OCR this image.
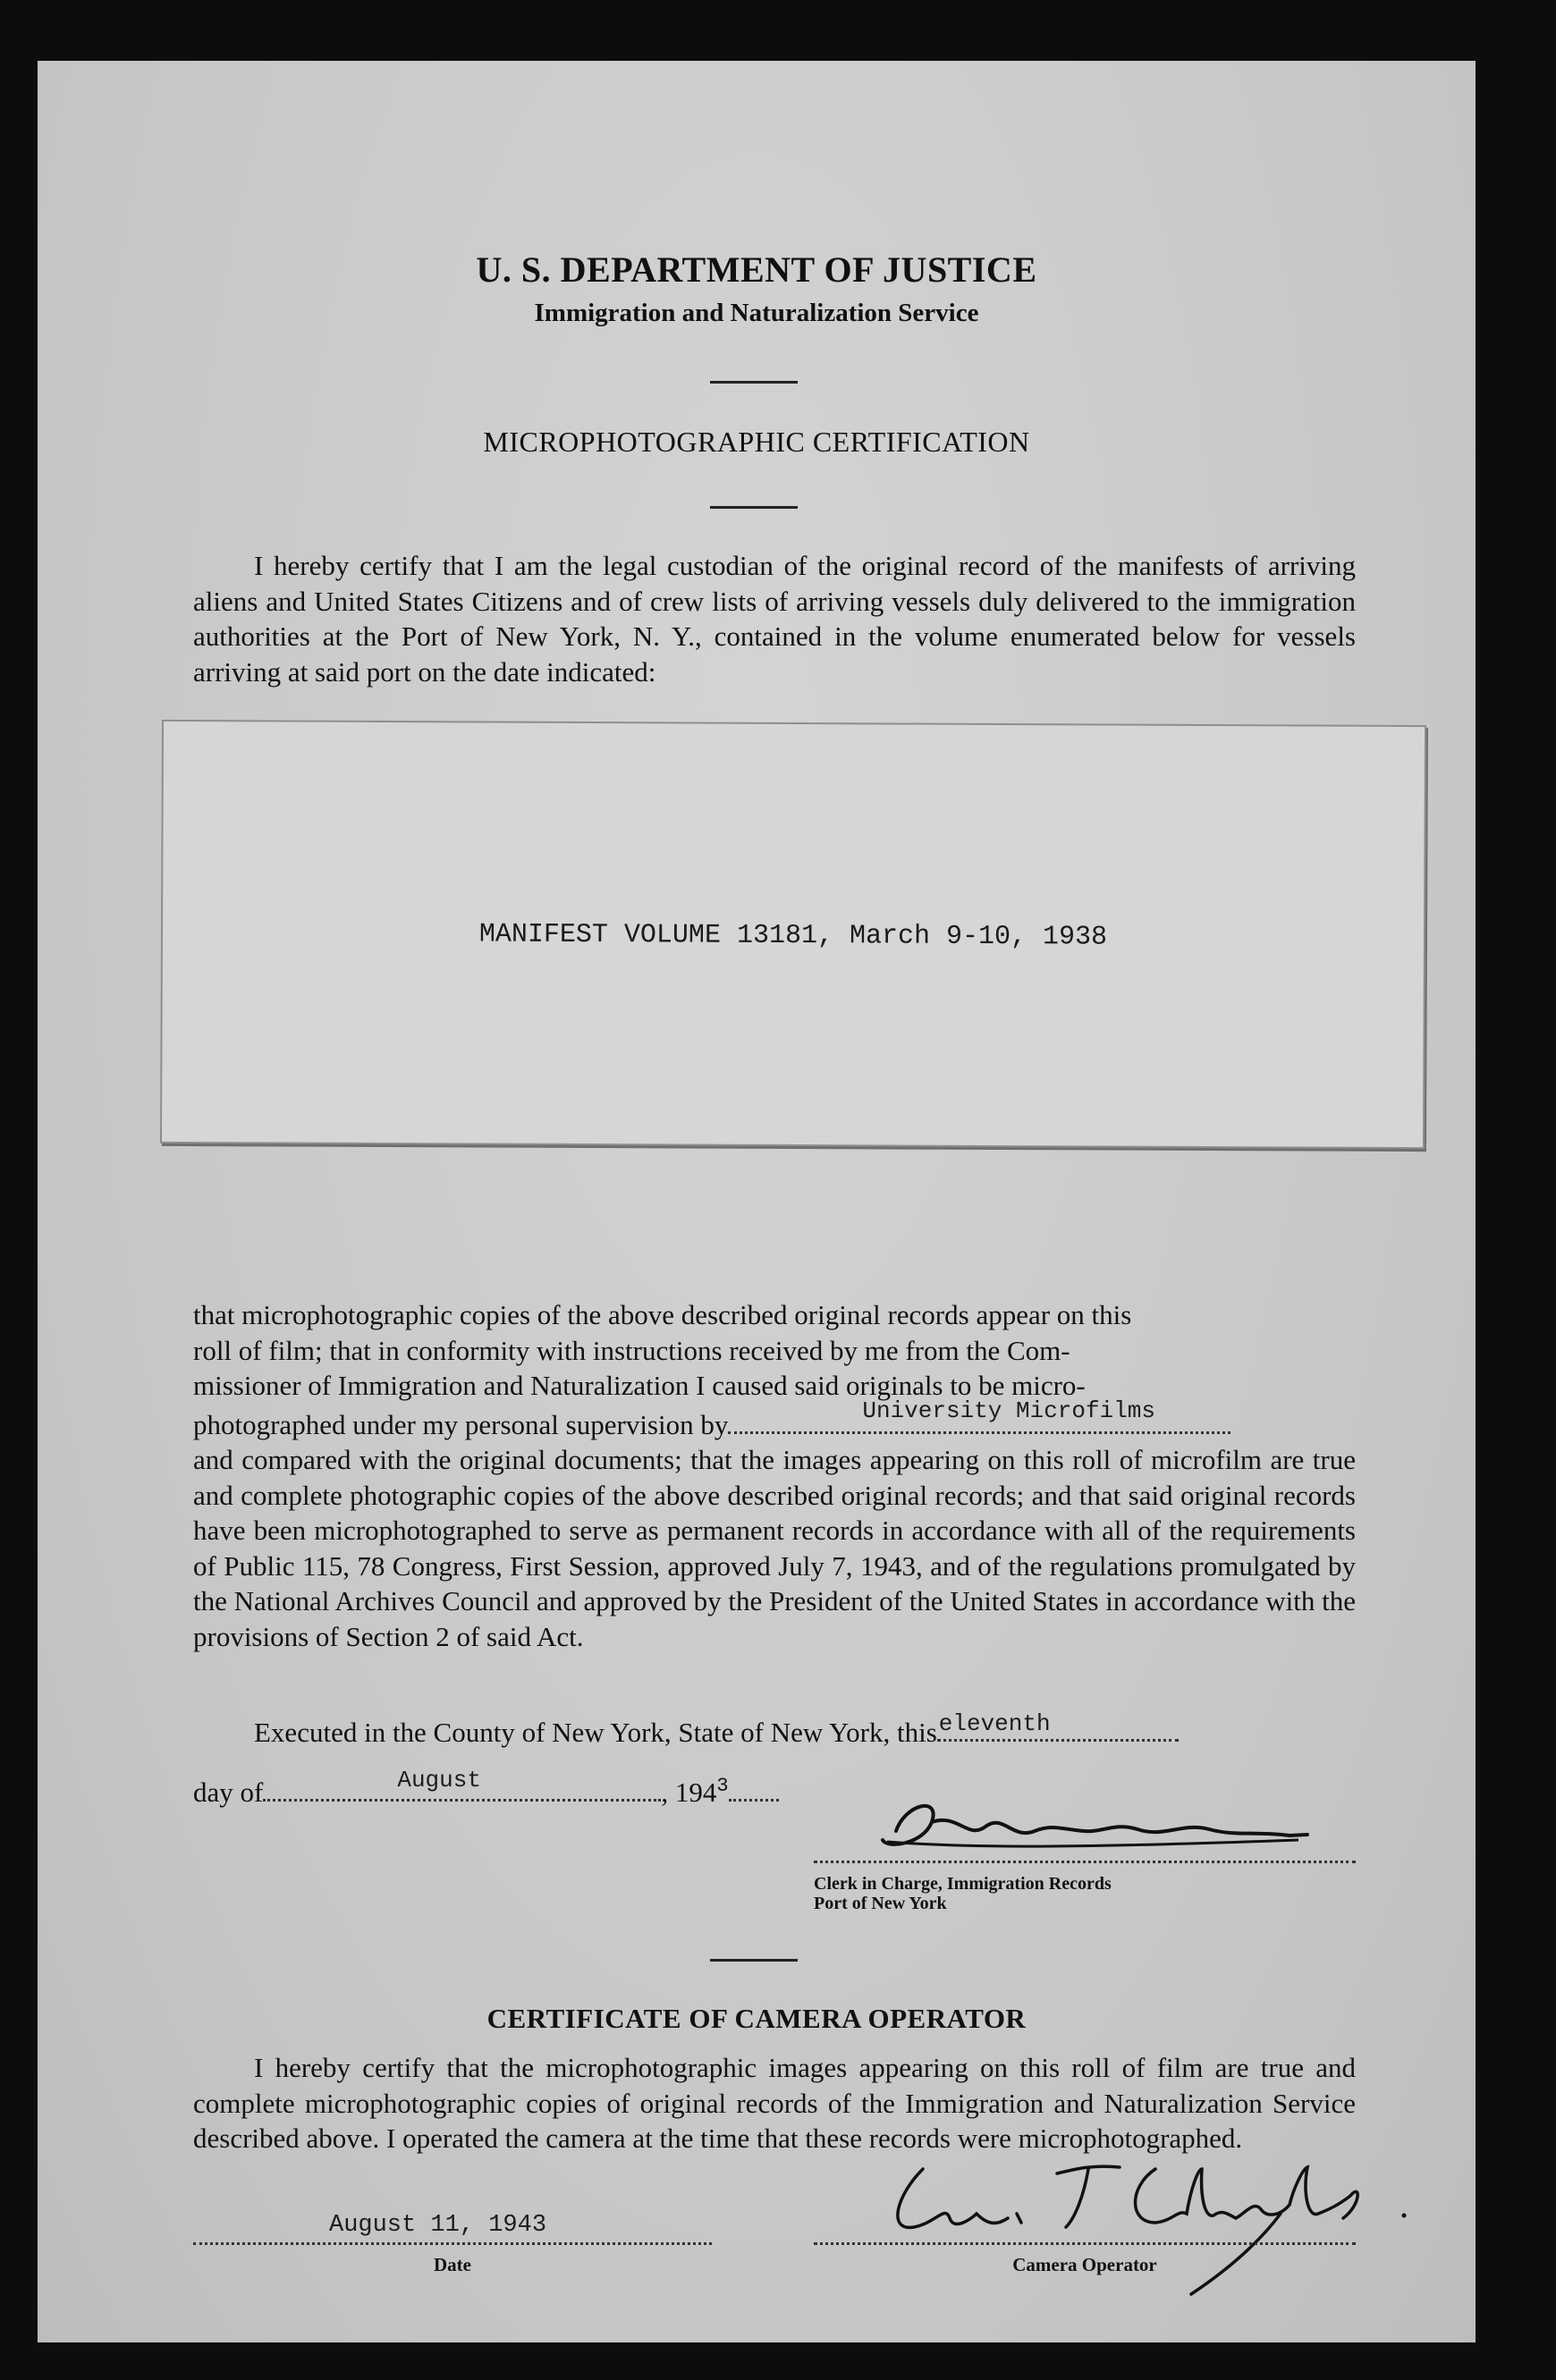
U. S. DEPARTMENT OF JUSTICE
Immigration and Naturalization Service
MICROPHOTOGRAPHIC CERTIFICATION
I hereby certify that I am the legal custodian of the original record of the manifests of arriving aliens and United States Citizens and of crew lists of arriving vessels duly delivered to the immigration authorities at the Port of New York, N. Y., contained in the volume enumerated below for vessels arriving at said port on the date indicated:
MANIFEST VOLUME 13181, March 9-10, 1938
that microphotographic copies of the above described original records appear on this
roll of film; that in conformity with instructions received by me from the Com-
missioner of Immigration and Naturalization I caused said originals to be micro-
photographed under my personal supervision by	University Microfilms
and compared with the original documents; that the images appearing on this roll of microfilm are true and complete photographic copies of the above described original records; and that said original records have been microphotographed to serve as permanent records in accordance with all of the requirements of Public 115, 78 Congress, First Session, approved July 7, 1943, and of the regulations promulgated by the National Archives Council and approved by the President of the United States in accordance with the provisions of Section 2 of said Act.
Executed in the County of New York, State of New York, this eleventh
day of	August	, $194^3$
Clerk in Charge, Immigration Records
Port of New York
CERTIFICATE OF CAMERA OPERATOR
I hereby certify that the microphotographic images appearing on this roll of film are true and complete microphotographic copies of original records of the Immigration and Naturalization Service described above. I operated the camera at the time that these records were microphotographed.
August 11, 1943
Date	Camera Operator
